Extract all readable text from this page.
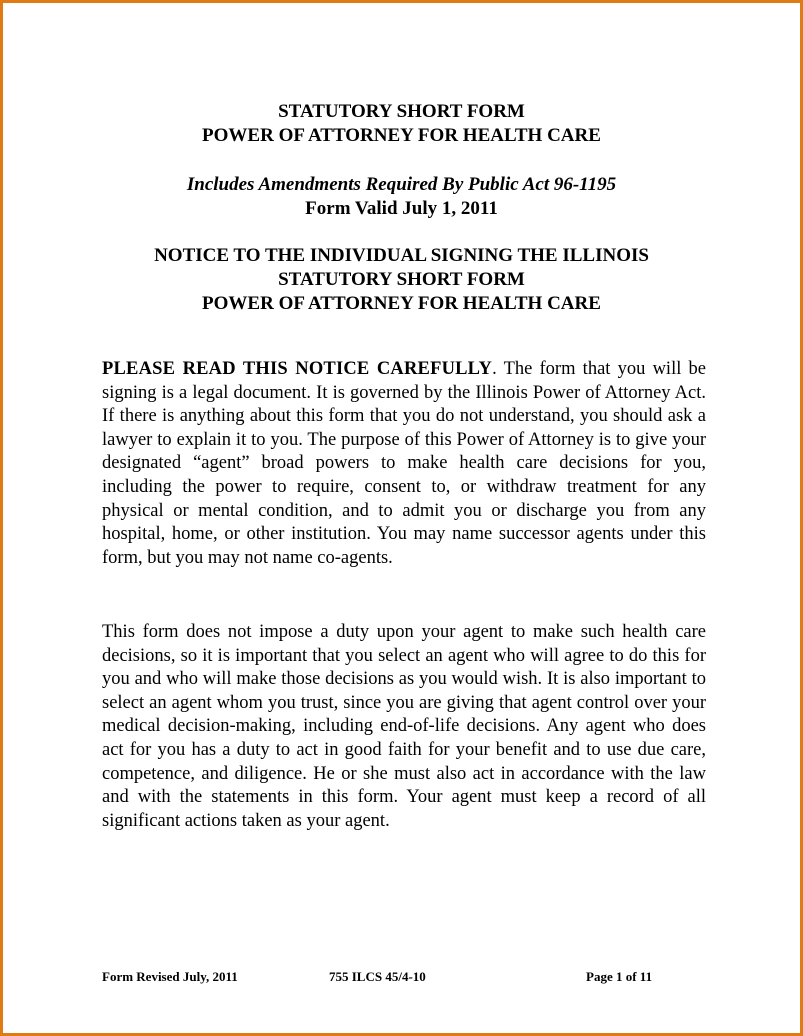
STATUTORY SHORT FORM
POWER OF ATTORNEY FOR HEALTH CARE
Includes Amendments Required By Public Act 96-1195
Form Valid July 1, 2011
NOTICE TO THE INDIVIDUAL SIGNING THE ILLINOIS
STATUTORY SHORT FORM
POWER OF ATTORNEY FOR HEALTH CARE

PLEASE READ THIS NOTICE CAREFULLY. The form that you will be signing is a legal document. It is governed by the Illinois Power of Attorney Act. If there is anything about this form that you do not understand, you should ask a lawyer to explain it to you. The purpose of this Power of Attorney is to give your designated “agent” broad powers to make health care decisions for you, including the power to require, consent to, or withdraw treatment for any physical or mental condition, and to admit you or discharge you from any hospital, home, or other institution. You may name successor agents under this form, but you may not name co-agents.

This form does not impose a duty upon your agent to make such health care decisions, so it is important that you select an agent who will agree to do this for you and who will make those decisions as you would wish. It is also important to select an agent whom you trust, since you are giving that agent control over your medical decision-making, including end-of-life decisions. Any agent who does act for you has a duty to act in good faith for your benefit and to use due care, competence, and diligence. He or she must also act in accordance with the law and with the statements in this form. Your agent must keep a record of all significant actions taken as your agent.

Form Revised July, 2011	755 ILCS 45/4-10	Page 1 of 11
